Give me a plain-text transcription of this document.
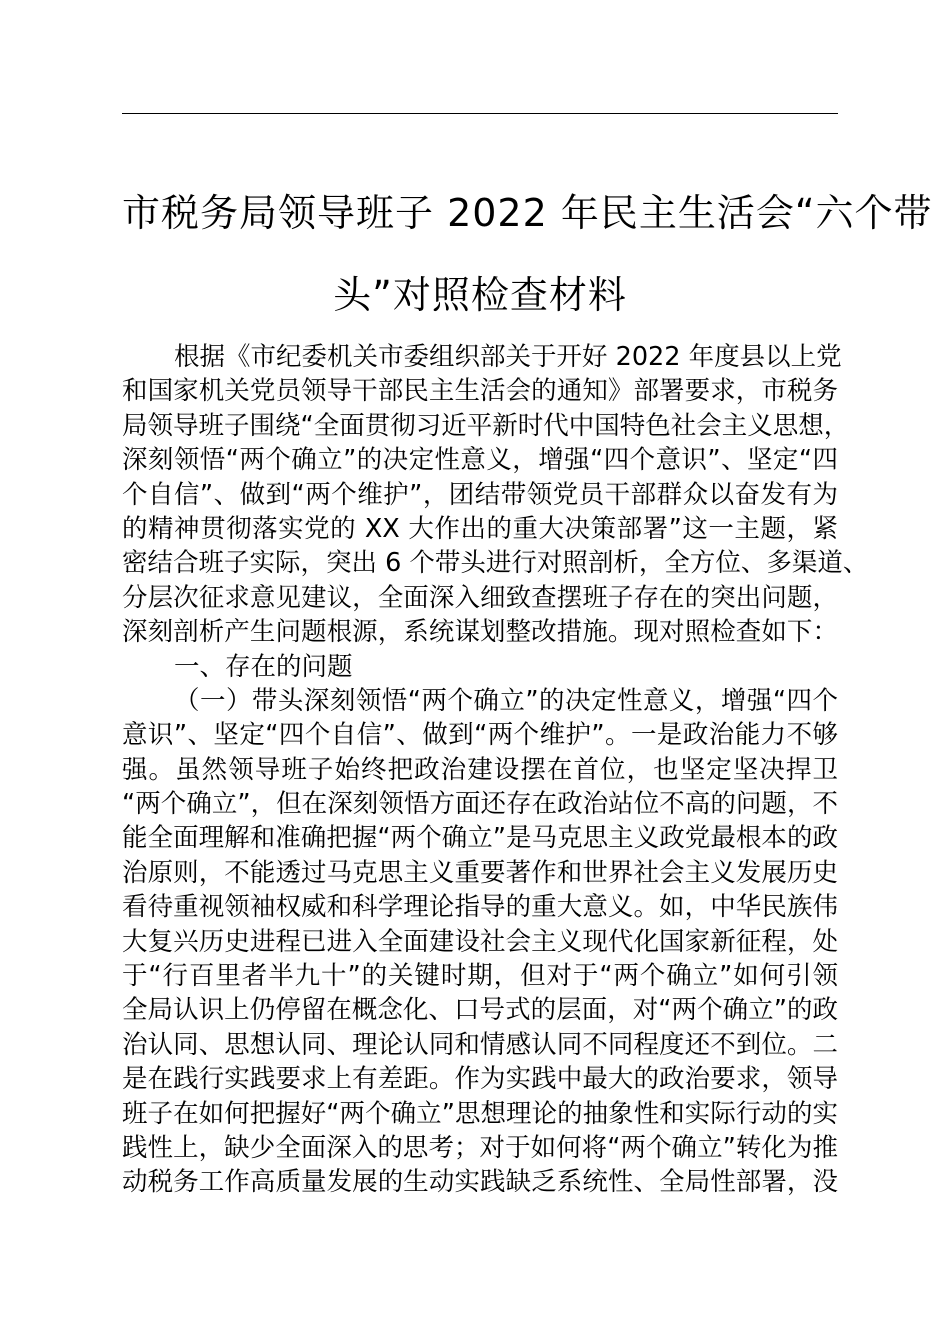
市税务局领导班子 2022 年民主生活会“六个带
头”对照检查材料
根据《市纪委机关市委组织部关于开好 2022 年度县以上党
和国家机关党员领导干部民主生活会的通知》部署要求，市税务
局领导班子围绕“全面贯彻习近平新时代中国特色社会主义思想，
深刻领悟“两个确立”的决定性意义，增强“四个意识”、坚定“四
个自信”、做到“两个维护”，团结带领党员干部群众以奋发有为
的精神贯彻落实党的 XX 大作出的重大决策部署”这一主题，紧
密结合班子实际，突出 6 个带头进行对照剖析，全方位、多渠道、
分层次征求意见建议，全面深入细致查摆班子存在的突出问题，
深刻剖析产生问题根源，系统谋划整改措施。现对照检查如下：
一、存在的问题
（一）带头深刻领悟“两个确立”的决定性意义，增强“四个
意识”、坚定“四个自信”、做到“两个维护”。一是政治能力不够
强。虽然领导班子始终把政治建设摆在首位，也坚定坚决捍卫
“两个确立”，但在深刻领悟方面还存在政治站位不高的问题，不
能全面理解和准确把握“两个确立”是马克思主义政党最根本的政
治原则，不能透过马克思主义重要著作和世界社会主义发展历史
看待重视领袖权威和科学理论指导的重大意义。如，中华民族伟
大复兴历史进程已进入全面建设社会主义现代化国家新征程，处
于“行百里者半九十”的关键时期，但对于“两个确立”如何引领
全局认识上仍停留在概念化、口号式的层面，对“两个确立”的政
治认同、思想认同、理论认同和情感认同不同程度还不到位。二
是在践行实践要求上有差距。作为实践中最大的政治要求，领导
班子在如何把握好“两个确立”思想理论的抽象性和实际行动的实
践性上，缺少全面深入的思考；对于如何将“两个确立”转化为推
动税务工作高质量发展的生动实践缺乏系统性、全局性部署，没
